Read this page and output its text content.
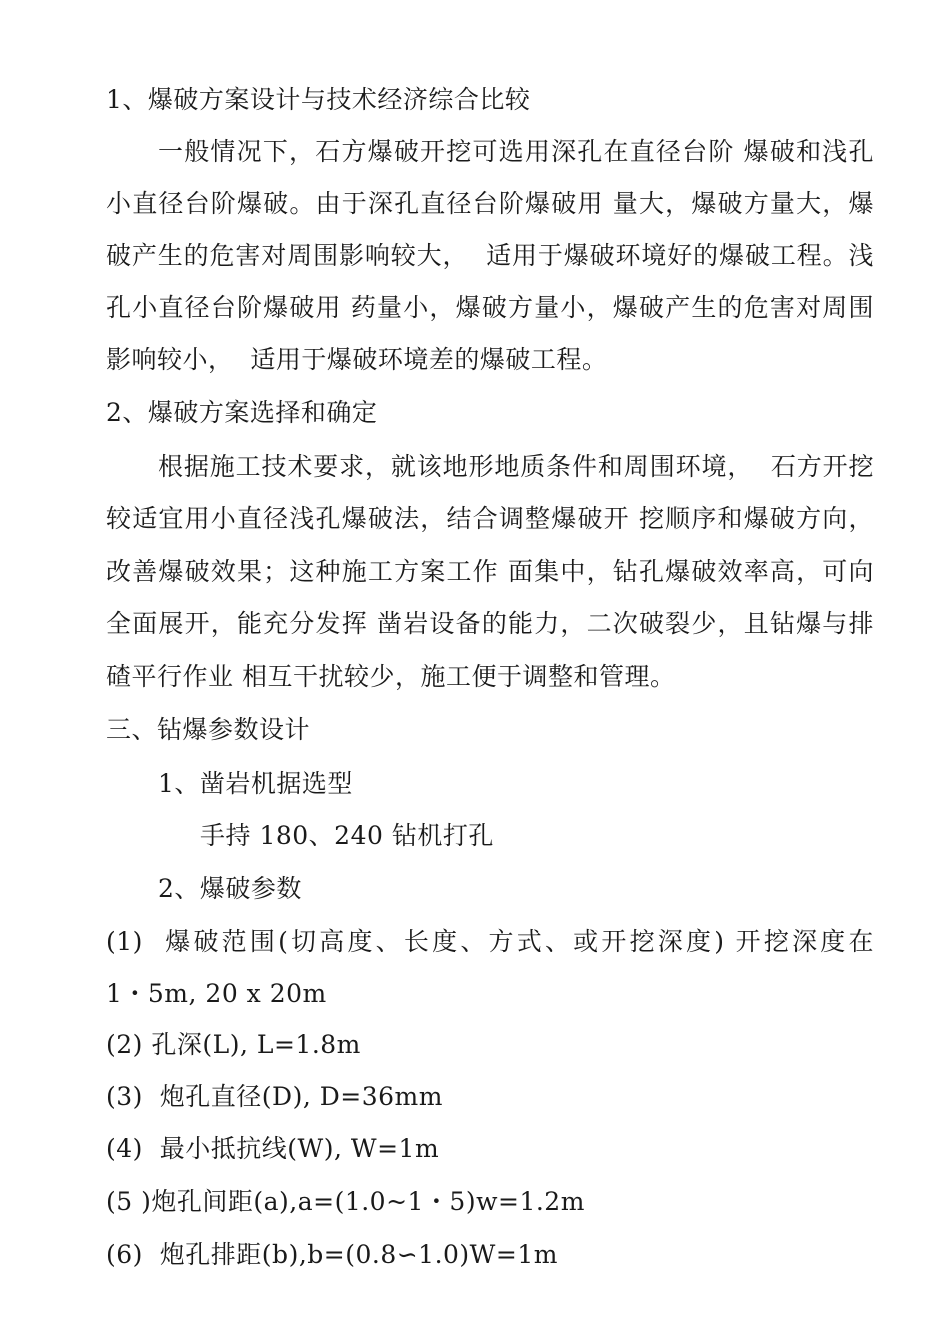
1、爆破方案设计与技术经济综合比较
一般情况下，石方爆破开挖可选用深孔在直径台阶 爆破和浅孔
小直径台阶爆破。由于深孔直径台阶爆破用 量大，爆破方量大，爆
破产生的危害对周围影响较大，  适用于爆破环境好的爆破工程。浅
孔小直径台阶爆破用 药量小，爆破方量小，爆破产生的危害对周围
影响较小，  适用于爆破环境差的爆破工程。
2、爆破方案选择和确定
根据施工技术要求，就该地形地质条件和周围环境，  石方开挖
较适宜用小直径浅孔爆破法，结合调整爆破开 挖顺序和爆破方向，
改善爆破效果；这种施工方案工作 面集中，钻孔爆破效率高，可向
全面展开，能充分发挥 凿岩设备的能力，二次破裂少，且钻爆与排
碴平行作业 相互干扰较少，施工便于调整和管理。
三、钻爆参数设计
1、凿岩机据选型
手持 180、240 钻机打孔
2、爆破参数
(1)  爆破范围(切高度、长度、方式、或开挖深度) 开挖深度在
1・5m, 20 x 20m
(2) 孔深(L), L=1.8m
(3)  炮孔直径(D), D=36mm
(4)  最小抵抗线(W), W=1m
(5 )炮孔间距(a),a=(1.0~1・5)w=1.2m
(6)  炮孔排距(b),b=(0.8∽1.0)W=1m
